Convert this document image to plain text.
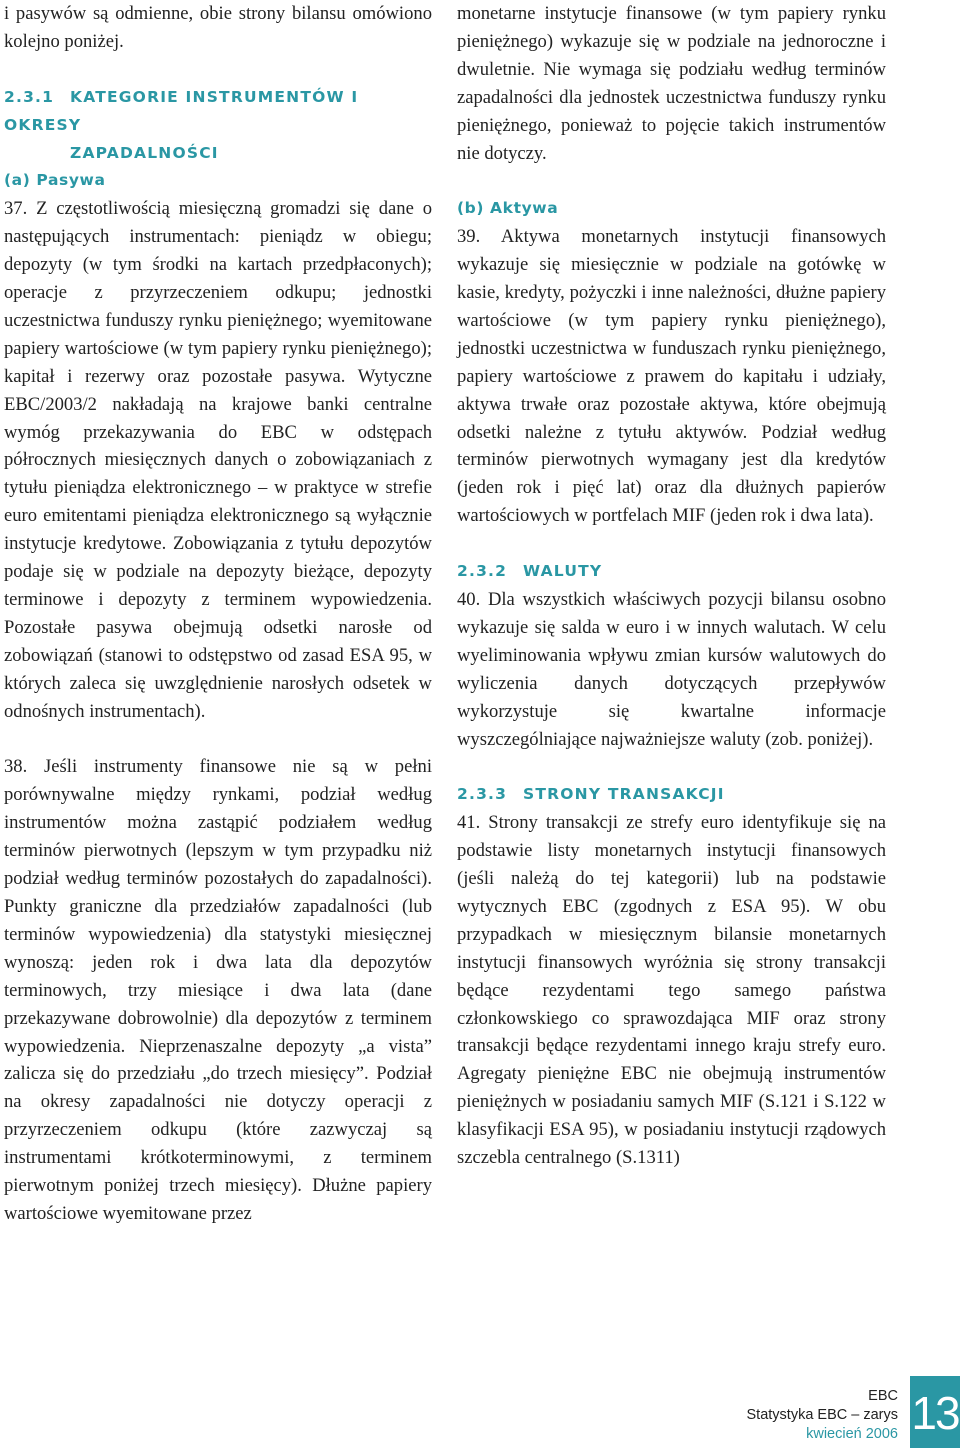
i pasywów są odmienne, obie strony bilansu omówiono kolejno poniżej.

2.3.1 KATEGORIE INSTRUMENTÓW I OKRESY
ZAPADALNOŚCI
(a) Pasywa

37. Z częstotliwością miesięczną gromadzi się dane o następujących instrumentach: pieniądz w obiegu; depozyty (w tym środki na kartach przedpłaconych); operacje z przyrzeczeniem odkupu; jednostki uczestnictwa funduszy rynku pieniężnego; wyemitowane papiery wartościowe (w tym papiery rynku pieniężnego); kapitał i rezerwy oraz pozostałe pasywa. Wytyczne EBC/2003/2 nakładają na krajowe banki centralne wymóg przekazywania do EBC w odstępach półrocznych miesięcznych danych o zobowiązaniach z tytułu pieniądza elektronicznego – w praktyce w strefie euro emitentami pieniądza elektronicznego są wyłącznie instytucje kredytowe. Zobowiązania z tytułu depozytów podaje się w podziale na depozyty bieżące, depozyty terminowe i depozyty z terminem wypowiedzenia. Pozostałe pasywa obejmują odsetki narosłe od zobowiązań (stanowi to odstępstwo od zasad ESA 95, w których zaleca się uwzględnienie narosłych odsetek w odnośnych instrumentach).

38. Jeśli instrumenty finansowe nie są w pełni porównywalne między rynkami, podział według instrumentów można zastąpić podziałem według terminów pierwotnych (lepszym w tym przypadku niż podział według terminów pozostałych do zapadalności). Punkty graniczne dla przedziałów zapadalności (lub terminów wypowiedzenia) dla statystyki miesięcznej wynoszą: jeden rok i dwa lata dla depozytów terminowych, trzy miesiące i dwa lata (dane przekazywane dobrowolnie) dla depozytów z terminem wypowiedzenia. Nieprzenaszalne depozyty „a vista” zalicza się do przedziału „do trzech miesięcy”. Podział na okresy zapadalności nie dotyczy operacji z przyrzeczeniem odkupu (które zazwyczaj są instrumentami krótkoterminowymi, z terminem pierwotnym poniżej trzech miesięcy). Dłużne papiery wartościowe wyemitowane przez

monetarne instytucje finansowe (w tym papiery rynku pieniężnego) wykazuje się w podziale na jednoroczne i dwuletnie. Nie wymaga się podziału według terminów zapadalności dla jednostek uczestnictwa funduszy rynku pieniężnego, ponieważ to pojęcie takich instrumentów nie dotyczy.

(b) Aktywa

39. Aktywa monetarnych instytucji finansowych wykazuje się miesięcznie w podziale na gotówkę w kasie, kredyty, pożyczki i inne należności, dłużne papiery wartościowe (w tym papiery rynku pieniężnego), jednostki uczestnictwa w funduszach rynku pieniężnego, papiery wartościowe z prawem do kapitału i udziały, aktywa trwałe oraz pozostałe aktywa, które obejmują odsetki należne z tytułu aktywów. Podział według terminów pierwotnych wymagany jest dla kredytów (jeden rok i pięć lat) oraz dla dłużnych papierów wartościowych w portfelach MIF (jeden rok i dwa lata).

2.3.2 WALUTY

40. Dla wszystkich właściwych pozycji bilansu osobno wykazuje się salda w euro i w innych walutach. W celu wyeliminowania wpływu zmian kursów walutowych do wyliczenia danych dotyczących przepływów wykorzystuje się kwartalne informacje wyszczególniające najważniejsze waluty (zob. poniżej).

2.3.3 STRONY TRANSAKCJI

41. Strony transakcji ze strefy euro identyfikuje się na podstawie listy monetarnych instytucji finansowych (jeśli należą do tej kategorii) lub na podstawie wytycznych EBC (zgodnych z ESA 95). W obu przypadkach w miesięcznym bilansie monetarnych instytucji finansowych wyróżnia się strony transakcji będące rezydentami tego samego państwa członkowskiego co sprawozdająca MIF oraz strony transakcji będące rezydentami innego kraju strefy euro. Agregaty pieniężne EBC nie obejmują instrumentów pieniężnych w posiadaniu samych MIF (S.121 i S.122 w klasyfikacji ESA 95), w posiadaniu instytucji rządowych szczebla centralnego (S.1311)

EBC
Statystyka EBC – zarys
kwiecień 2006 13
